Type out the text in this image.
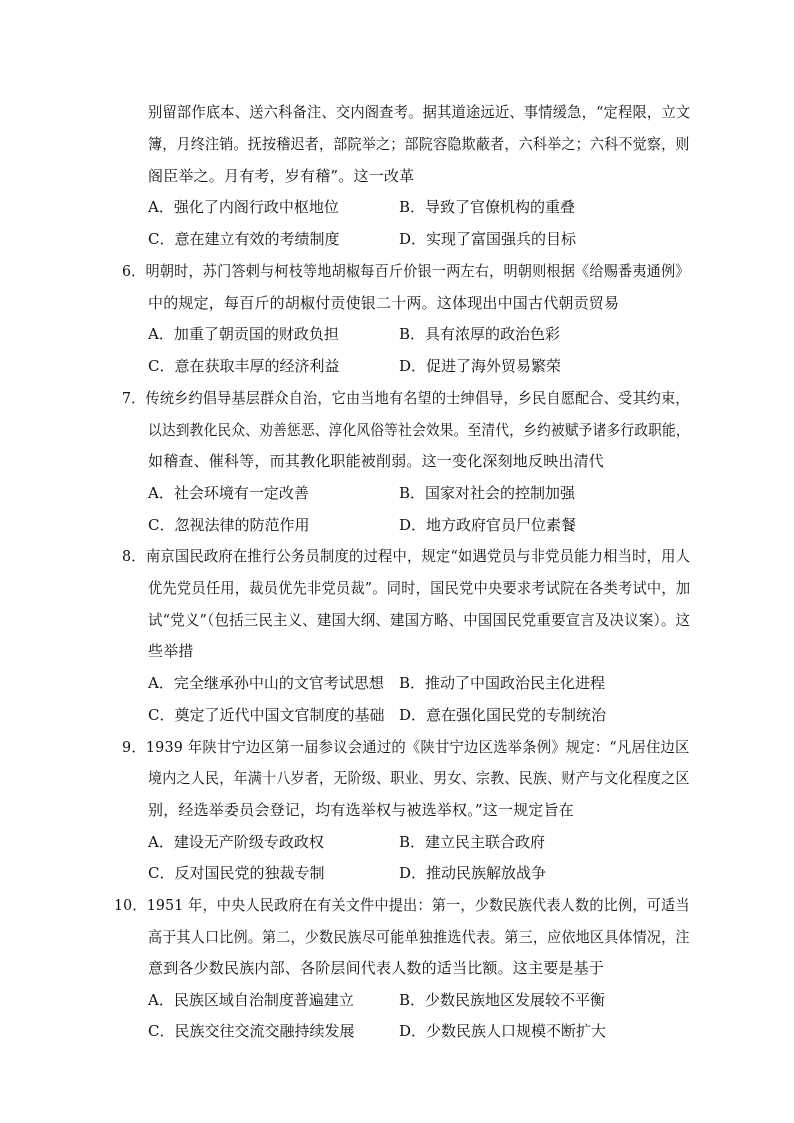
别留部作底本、送六科备注、交内阁查考。据其道途远近、事情缓急，“定程限，立文
簿，月终注销。抚按稽迟者，部院举之；部院容隐欺蔽者，六科举之；六科不觉察，则
阁臣举之。月有考，岁有稽”。这一改革
A．强化了内阁行政中枢地位	B．导致了官僚机构的重叠
C．意在建立有效的考绩制度	D．实现了富国强兵的目标
6．明朝时，苏门答剌与柯枝等地胡椒每百斤价银一两左右，明朝则根据《给赐番夷通例》
中的规定，每百斤的胡椒付贡使银二十两。这体现出中国古代朝贡贸易
A．加重了朝贡国的财政负担	B．具有浓厚的政治色彩
C．意在获取丰厚的经济利益	D．促进了海外贸易繁荣
7．传统乡约倡导基层群众自治，它由当地有名望的士绅倡导，乡民自愿配合、受其约束，
以达到教化民众、劝善惩恶、淳化风俗等社会效果。至清代，乡约被赋予诸多行政职能，
如稽查、催科等，而其教化职能被削弱。这一变化深刻地反映出清代
A．社会环境有一定改善	B．国家对社会的控制加强
C．忽视法律的防范作用	D．地方政府官员尸位素餐
8．南京国民政府在推行公务员制度的过程中，规定“如遇党员与非党员能力相当时，用人
优先党员任用，裁员优先非党员裁”。同时，国民党中央要求考试院在各类考试中，加
试“党义”（包括三民主义、建国大纲、建国方略、中国国民党重要宣言及决议案）。这
些举措
A．完全继承孙中山的文官考试思想 B．推动了中国政治民主化进程
C．奠定了近代中国文官制度的基础 D．意在强化国民党的专制统治
9．1939 年陕甘宁边区第一届参议会通过的《陕甘宁边区选举条例》规定：“凡居住边区
境内之人民，年满十八岁者，无阶级、职业、男女、宗教、民族、财产与文化程度之区
别，经选举委员会登记，均有选举权与被选举权。”这一规定旨在
A．建设无产阶级专政政权	B．建立民主联合政府
C．反对国民党的独裁专制	D．推动民族解放战争
10．1951 年，中央人民政府在有关文件中提出：第一，少数民族代表人数的比例，可适当
高于其人口比例。第二，少数民族尽可能单独推选代表。第三，应依地区具体情况，注
意到各少数民族内部、各阶层间代表人数的适当比额。这主要是基于
A．民族区域自治制度普遍建立	B．少数民族地区发展较不平衡
C．民族交往交流交融持续发展	D．少数民族人口规模不断扩大
